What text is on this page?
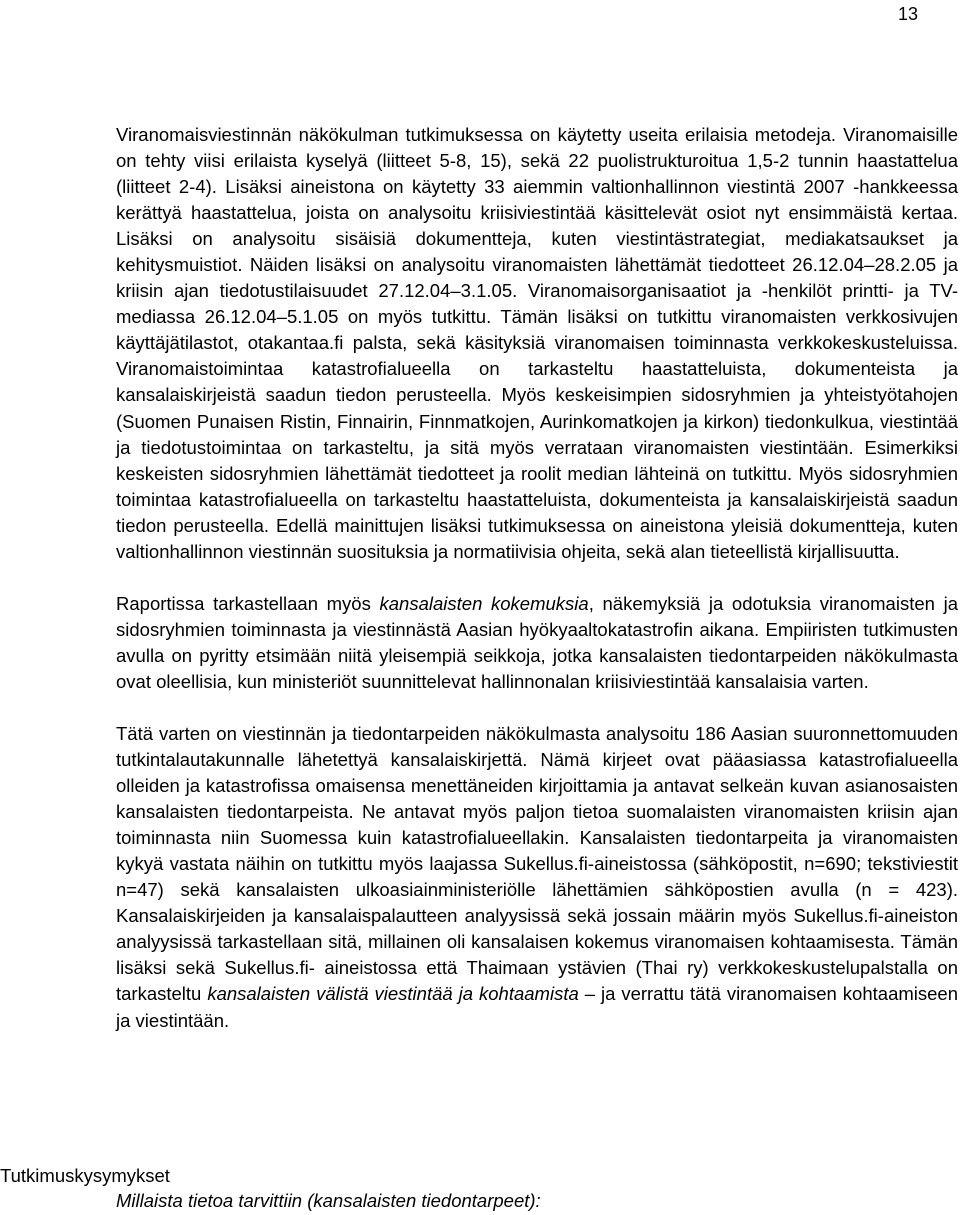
13

Viranomaisviestinnän näkökulman tutkimuksessa on käytetty useita erilaisia metodeja. Viranomaisille on tehty viisi erilaista kyselyä (liitteet 5-8, 15), sekä 22 puolistrukturoitua 1,5-2 tunnin haastattelua (liitteet 2-4). Lisäksi aineistona on käytetty 33 aiemmin valtionhallinnon viestintä 2007 -hankkeessa kerättyä haastattelua, joista on analysoitu kriisiviestintää käsittelevät osiot nyt ensimmäistä kertaa. Lisäksi on analysoitu sisäisiä dokumentteja, kuten viestintästrategiat, mediakatsaukset ja kehitysmuistiot. Näiden lisäksi on analysoitu viranomaisten lähettämät tiedotteet 26.12.04–28.2.05 ja kriisin ajan tiedotustilaisuudet 27.12.04–3.1.05. Viranomaisorganisaatiot ja -henkilöt printti- ja TV-mediassa 26.12.04–5.1.05 on myös tutkittu. Tämän lisäksi on tutkittu viranomaisten verkkosivujen käyttäjätilastot, otakantaa.fi palsta, sekä käsityksiä viranomaisen toiminnasta verkkokeskusteluissa. Viranomaistoimintaa katastrofialueella on tarkasteltu haastatteluista, dokumenteista ja kansalaiskirjeistä saadun tiedon perusteella. Myös keskeisimpien sidosryhmien ja yhteistyötahojen (Suomen Punaisen Ristin, Finnairin, Finnmatkojen, Aurinkomatkojen ja kirkon) tiedonkulkua, viestintää ja tiedotustoimintaa on tarkasteltu, ja sitä myös verrataan viranomaisten viestintään. Esimerkiksi keskeisten sidosryhmien lähettämät tiedotteet ja roolit median lähteinä on tutkittu. Myös sidosryhmien toimintaa katastrofialueella on tarkasteltu haastatteluista, dokumenteista ja kansalaiskirjeistä saadun tiedon perusteella. Edellä mainittujen lisäksi tutkimuksessa on aineistona yleisiä dokumentteja, kuten valtionhallinnon viestinnän suosituksia ja normatiivisia ohjeita, sekä alan tieteellistä kirjallisuutta.

Raportissa tarkastellaan myös kansalaisten kokemuksia, näkemyksiä ja odotuksia viranomaisten ja sidosryhmien toiminnasta ja viestinnästä Aasian hyökyaaltokatastrofin aikana. Empiiristen tutkimusten avulla on pyritty etsimään niitä yleisempiä seikkoja, jotka kansalaisten tiedontarpeiden näkökulmasta ovat oleellisia, kun ministeriöt suunnittelevat hallinnonalan kriisiviestintää kansalaisia varten.

Tätä varten on viestinnän ja tiedontarpeiden näkökulmasta analysoitu 186 Aasian suuronnettomuuden tutkintalautakunnalle lähetettyä kansalaiskirjettä. Nämä kirjeet ovat pääasiassa katastrofialueella olleiden ja katastrofissa omaisensa menettäneiden kirjoittamia ja antavat selkeän kuvan asianosaisten kansalaisten tiedontarpeista. Ne antavat myös paljon tietoa suomalaisten viranomaisten kriisin ajan toiminnasta niin Suomessa kuin katastrofialueellakin. Kansalaisten tiedontarpeita ja viranomaisten kykyä vastata näihin on tutkittu myös laajassa Sukellus.fi-aineistossa (sähköpostit, n=690; tekstiviestit n=47) sekä kansalaisten ulkoasiainministeriölle lähettämien sähköpostien avulla (n = 423). Kansalaiskirjeiden ja kansalaispalautteen analyysissä sekä jossain määrin myös Sukellus.fi-aineiston analyysissä tarkastellaan sitä, millainen oli kansalaisen kokemus viranomaisen kohtaamisesta. Tämän lisäksi sekä Sukellus.fi- aineistossa että Thaimaan ystävien (Thai ry) verkkokeskustelupalstalla on tarkasteltu kansalaisten välistä viestintää ja kohtaamista – ja verrattu tätä viranomaisen kohtaamiseen ja viestintään.

Tutkimuskysymykset

Millaista tietoa tarvittiin (kansalaisten tiedontarpeet):
